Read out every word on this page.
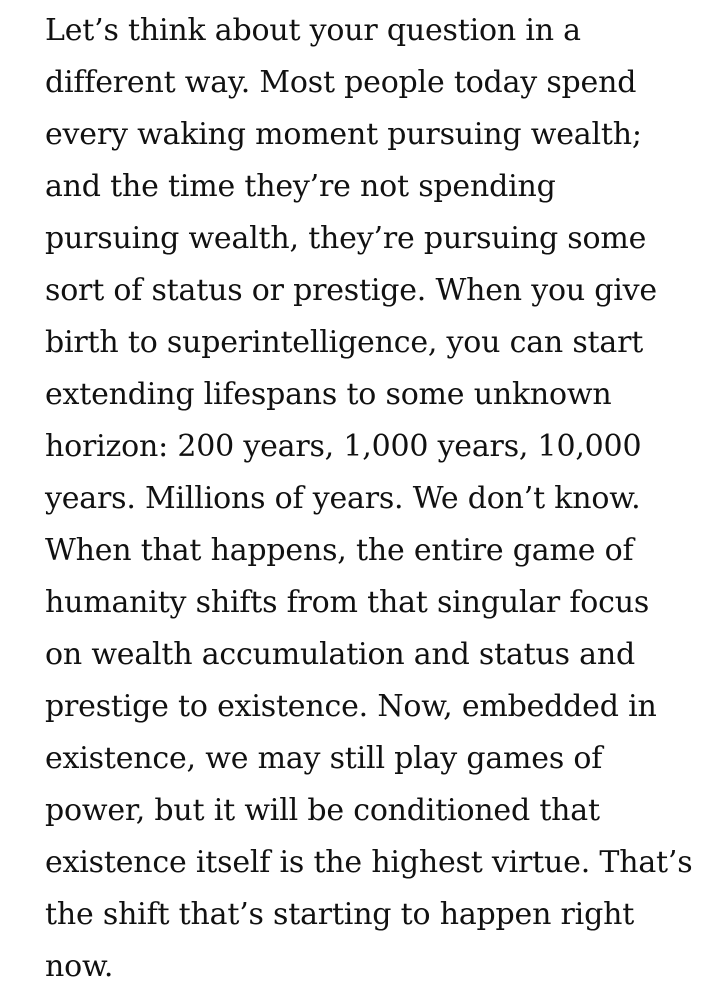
Let’s think about your question in a
different way. Most people today spend
every waking moment pursuing wealth;
and the time they’re not spending
pursuing wealth, they’re pursuing some
sort of status or prestige. When you give
birth to superintelligence, you can start
extending lifespans to some unknown
horizon: 200 years, 1,000 years, 10,000
years. Millions of years. We don’t know.
When that happens, the entire game of
humanity shifts from that singular focus
on wealth accumulation and status and
prestige to existence. Now, embedded in
existence, we may still play games of
power, but it will be conditioned that
existence itself is the highest virtue. That’s
the shift that’s starting to happen right
now.
